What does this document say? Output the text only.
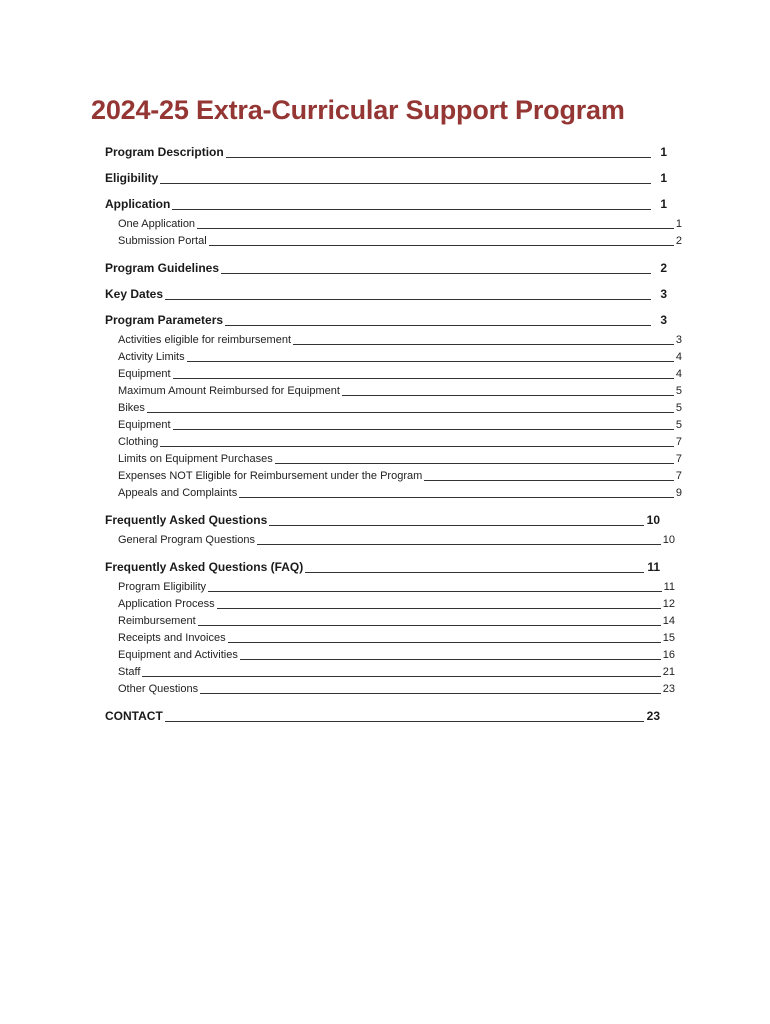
2024-25 Extra-Curricular Support Program
Program Description	1
Eligibility	1
Application	1
One Application	1
Submission Portal	2
Program Guidelines	2
Key Dates	3
Program Parameters	3
Activities eligible for reimbursement	3
Activity Limits	4
Equipment	4
Maximum Amount Reimbursed for Equipment	5
Bikes	5
Equipment	5
Clothing	7
Limits on Equipment Purchases	7
Expenses NOT Eligible for Reimbursement under the Program	7
Appeals and Complaints	9
Frequently Asked Questions	10
General Program Questions	10
Frequently Asked Questions (FAQ)	11
Program Eligibility	11
Application Process	12
Reimbursement	14
Receipts and Invoices	15
Equipment and Activities	16
Staff	21
Other Questions	23
CONTACT	23
